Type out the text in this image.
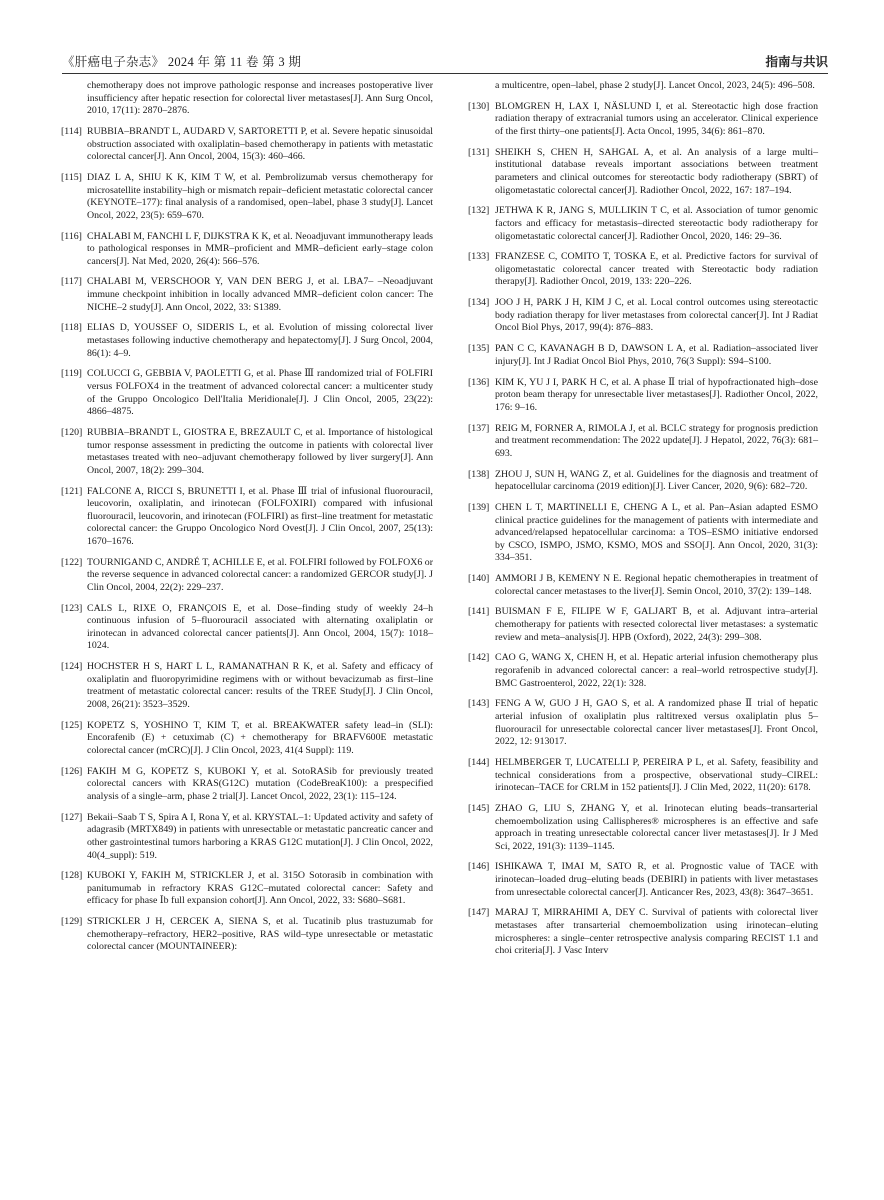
《肝癌电子杂志》 2024 年 第 11 卷 第 3 期	指南与共识
chemotherapy does not improve pathologic response and increases postoperative liver insufficiency after hepatic resection for colorectal liver metastases[J]. Ann Surg Oncol, 2010, 17(11): 2870–2876.
[114] RUBBIA–BRANDT L, AUDARD V, SARTORETTI P, et al. Severe hepatic sinusoidal obstruction associated with oxaliplatin–based chemotherapy in patients with metastatic colorectal cancer[J]. Ann Oncol, 2004, 15(3): 460–466.
[115] DIAZ L A, SHIU K K, KIM T W, et al. Pembrolizumab versus chemotherapy for microsatellite instability–high or mismatch repair–deficient metastatic colorectal cancer (KEYNOTE–177): final analysis of a randomised, open–label, phase 3 study[J]. Lancet Oncol, 2022, 23(5): 659–670.
[116] CHALABI M, FANCHI L F, DIJKSTRA K K, et al. Neoadjuvant immunotherapy leads to pathological responses in MMR–proficient and MMR–deficient early–stage colon cancers[J]. Nat Med, 2020, 26(4): 566–576.
[117] CHALABI M, VERSCHOOR Y, VAN DEN BERG J, et al. LBA7– –Neoadjuvant immune checkpoint inhibition in locally advanced MMR–deficient colon cancer: The NICHE–2 study[J]. Ann Oncol, 2022, 33: S1389.
[118] ELIAS D, YOUSSEF O, SIDERIS L, et al. Evolution of missing colorectal liver metastases following inductive chemotherapy and hepatectomy[J]. J Surg Oncol, 2004, 86(1): 4–9.
[119] COLUCCI G, GEBBIA V, PAOLETTI G, et al. Phase Ⅲ randomized trial of FOLFIRI versus FOLFOX4 in the treatment of advanced colorectal cancer: a multicenter study of the Gruppo Oncologico Dell'Italia Meridionale[J]. J Clin Oncol, 2005, 23(22): 4866–4875.
[120] RUBBIA–BRANDT L, GIOSTRA E, BREZAULT C, et al. Importance of histological tumor response assessment in predicting the outcome in patients with colorectal liver metastases treated with neo–adjuvant chemotherapy followed by liver surgery[J]. Ann Oncol, 2007, 18(2): 299–304.
[121] FALCONE A, RICCI S, BRUNETTI I, et al. Phase Ⅲ trial of infusional fluorouracil, leucovorin, oxaliplatin, and irinotecan (FOLFOXIRI) compared with infusional fluorouracil, leucovorin, and irinotecan (FOLFIRI) as first–line treatment for metastatic colorectal cancer: the Gruppo Oncologico Nord Ovest[J]. J Clin Oncol, 2007, 25(13): 1670–1676.
[122] TOURNIGAND C, ANDRÉ T, ACHILLE E, et al. FOLFIRI followed by FOLFOX6 or the reverse sequence in advanced colorectal cancer: a randomized GERCOR study[J]. J Clin Oncol, 2004, 22(2): 229–237.
[123] CALS L, RIXE O, FRANÇOIS E, et al. Dose–finding study of weekly 24–h continuous infusion of 5–fluorouracil associated with alternating oxaliplatin or irinotecan in advanced colorectal cancer patients[J]. Ann Oncol, 2004, 15(7): 1018–1024.
[124] HOCHSTER H S, HART L L, RAMANATHAN R K, et al. Safety and efficacy of oxaliplatin and fluoropyrimidine regimens with or without bevacizumab as first–line treatment of metastatic colorectal cancer: results of the TREE Study[J]. J Clin Oncol, 2008, 26(21): 3523–3529.
[125] KOPETZ S, YOSHINO T, KIM T, et al. BREAKWATER safety lead–in (SLI): Encorafenib (E) + cetuximab (C) + chemotherapy for BRAFV600E metastatic colorectal cancer (mCRC)[J]. J Clin Oncol, 2023, 41(4 Suppl): 119.
[126] FAKIH M G, KOPETZ S, KUBOKI Y, et al. SotoRASib for previously treated colorectal cancers with KRAS(G12C) mutation (CodeBreaK100): a prespecified analysis of a single–arm, phase 2 trial[J]. Lancet Oncol, 2022, 23(1): 115–124.
[127] Bekaii–Saab T S, Spira A I, Rona Y, et al. KRYSTAL–1: Updated activity and safety of adagrasib (MRTX849) in patients with unresectable or metastatic pancreatic cancer and other gastrointestinal tumors harboring a KRAS G12C mutation[J]. J Clin Oncol, 2022, 40(4_suppl): 519.
[128] KUBOKI Y, FAKIH M, STRICKLER J, et al. 315O Sotorasib in combination with panitumumab in refractory KRAS G12C–mutated colorectal cancer: Safety and efficacy for phase Ⅰb full expansion cohort[J]. Ann Oncol, 2022, 33: S680–S681.
[129] STRICKLER J H, CERCEK A, SIENA S, et al. Tucatinib plus trastuzumab for chemotherapy–refractory, HER2–positive, RAS wild–type unresectable or metastatic colorectal cancer (MOUNTAINEER):
a multicentre, open–label, phase 2 study[J]. Lancet Oncol, 2023, 24(5): 496–508.
[130] BLOMGREN H, LAX I, NÄSLUND I, et al. Stereotactic high dose fraction radiation therapy of extracranial tumors using an accelerator. Clinical experience of the first thirty–one patients[J]. Acta Oncol, 1995, 34(6): 861–870.
[131] SHEIKH S, CHEN H, SAHGAL A, et al. An analysis of a large multi–institutional database reveals important associations between treatment parameters and clinical outcomes for stereotactic body radiotherapy (SBRT) of oligometastatic colorectal cancer[J]. Radiother Oncol, 2022, 167: 187–194.
[132] JETHWA K R, JANG S, MULLIKIN T C, et al. Association of tumor genomic factors and efficacy for metastasis–directed stereotactic body radiotherapy for oligometastatic colorectal cancer[J]. Radiother Oncol, 2020, 146: 29–36.
[133] FRANZESE C, COMITO T, TOSKA E, et al. Predictive factors for survival of oligometastatic colorectal cancer treated with Stereotactic body radiation therapy[J]. Radiother Oncol, 2019, 133: 220–226.
[134] JOO J H, PARK J H, KIM J C, et al. Local control outcomes using stereotactic body radiation therapy for liver metastases from colorectal cancer[J]. Int J Radiat Oncol Biol Phys, 2017, 99(4): 876–883.
[135] PAN C C, KAVANAGH B D, DAWSON L A, et al. Radiation–associated liver injury[J]. Int J Radiat Oncol Biol Phys, 2010, 76(3 Suppl): S94–S100.
[136] KIM K, YU J I, PARK H C, et al. A phase Ⅱ trial of hypofractionated high–dose proton beam therapy for unresectable liver metastases[J]. Radiother Oncol, 2022, 176: 9–16.
[137] REIG M, FORNER A, RIMOLA J, et al. BCLC strategy for prognosis prediction and treatment recommendation: The 2022 update[J]. J Hepatol, 2022, 76(3): 681–693.
[138] ZHOU J, SUN H, WANG Z, et al. Guidelines for the diagnosis and treatment of hepatocellular carcinoma (2019 edition)[J]. Liver Cancer, 2020, 9(6): 682–720.
[139] CHEN L T, MARTINELLI E, CHENG A L, et al. Pan–Asian adapted ESMO clinical practice guidelines for the management of patients with intermediate and advanced/relapsed hepatocellular carcinoma: a TOS–ESMO initiative endorsed by CSCO, ISMPO, JSMO, KSMO, MOS and SSO[J]. Ann Oncol, 2020, 31(3): 334–351.
[140] AMMORI J B, KEMENY N E. Regional hepatic chemotherapies in treatment of colorectal cancer metastases to the liver[J]. Semin Oncol, 2010, 37(2): 139–148.
[141] BUISMAN F E, FILIPE W F, GALJART B, et al. Adjuvant intra–arterial chemotherapy for patients with resected colorectal liver metastases: a systematic review and meta–analysis[J]. HPB (Oxford), 2022, 24(3): 299–308.
[142] CAO G, WANG X, CHEN H, et al. Hepatic arterial infusion chemotherapy plus regorafenib in advanced colorectal cancer: a real–world retrospective study[J]. BMC Gastroenterol, 2022, 22(1): 328.
[143] FENG A W, GUO J H, GAO S, et al. A randomized phase Ⅱ trial of hepatic arterial infusion of oxaliplatin plus raltitrexed versus oxaliplatin plus 5–fluorouracil for unresectable colorectal cancer liver metastases[J]. Front Oncol, 2022, 12: 913017.
[144] HELMBERGER T, LUCATELLI P, PEREIRA P L, et al. Safety, feasibility and technical considerations from a prospective, observational study–CIREL: irinotecan–TACE for CRLM in 152 patients[J]. J Clin Med, 2022, 11(20): 6178.
[145] ZHAO G, LIU S, ZHANG Y, et al. Irinotecan eluting beads–transarterial chemoembolization using Callispheres® microspheres is an effective and safe approach in treating unresectable colorectal cancer liver metastases[J]. Ir J Med Sci, 2022, 191(3): 1139–1145.
[146] ISHIKAWA T, IMAI M, SATO R, et al. Prognostic value of TACE with irinotecan–loaded drug–eluting beads (DEBIRI) in patients with liver metastases from unresectable colorectal cancer[J]. Anticancer Res, 2023, 43(8): 3647–3651.
[147] MARAJ T, MIRRAHIMI A, DEY C. Survival of patients with colorectal liver metastases after transarterial chemoembolization using irinotecan–eluting microspheres: a single–center retrospective analysis comparing RECIST 1.1 and choi criteria[J]. J Vasc Interv
